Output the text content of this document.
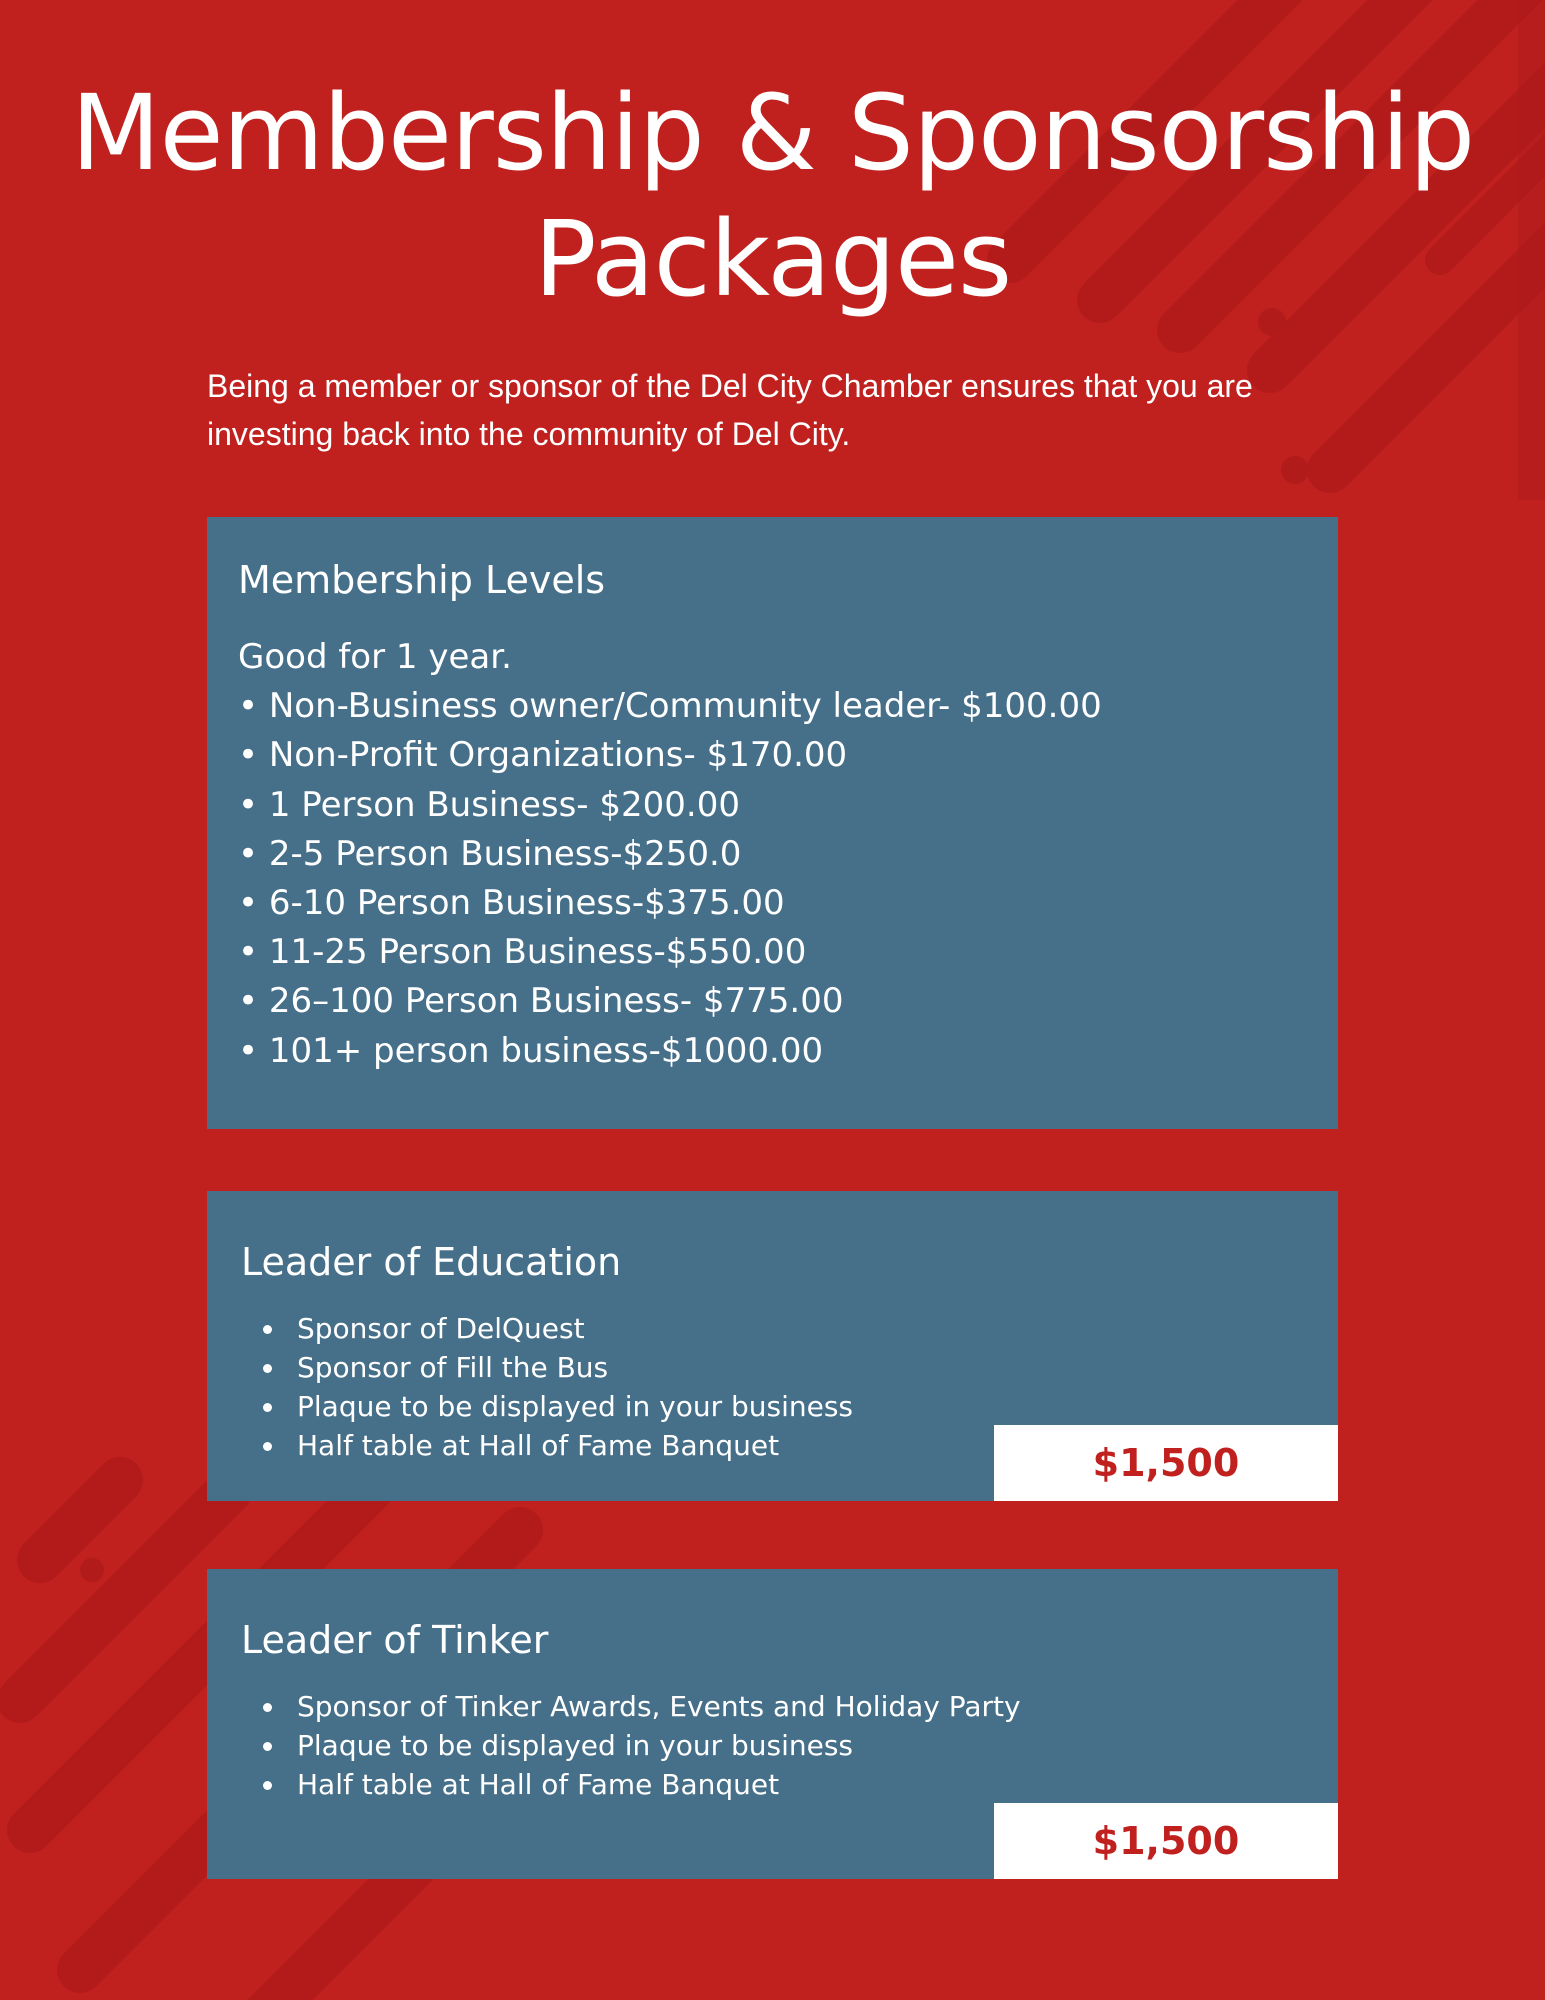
Membership & Sponsorship Packages

Being a member or sponsor of the Del City Chamber ensures that you are investing back into the community of Del City.

Membership Levels
Good for 1 year.
• Non-Business owner/Community leader- $100.00
• Non-Profit Organizations- $170.00
• 1 Person Business- $200.00
• 2-5 Person Business-$250.0
• 6-10 Person Business-$375.00
• 11-25 Person Business-$550.00
• 26–100 Person Business- $775.00
• 101+ person business-$1000.00
Leader of Education
Sponsor of DelQuest
Sponsor of Fill the Bus
Plaque to be displayed in your business
Half table at Hall of Fame Banquet	$1,500
Leader of Tinker
Sponsor of Tinker Awards, Events and Holiday Party
Plaque to be displayed in your business
Half table at Hall of Fame Banquet
$1,500
